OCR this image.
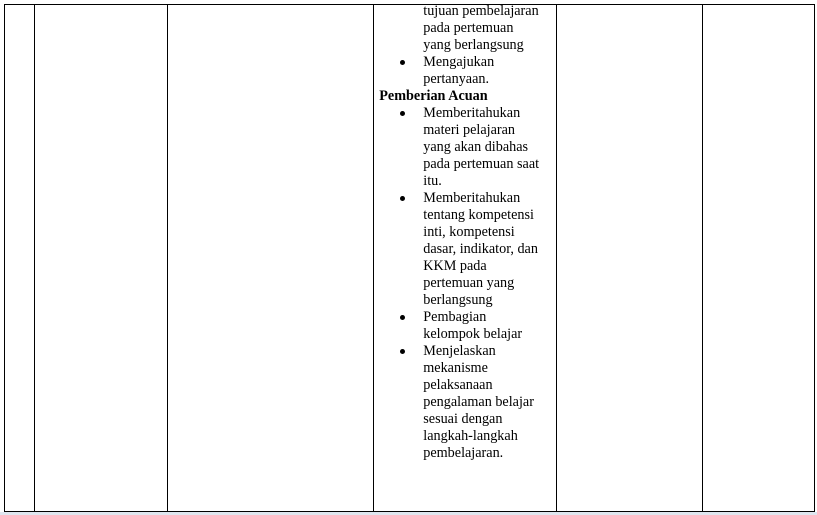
tujuan pembelajaran
pada pertemuan
yang berlangsung
Mengajukan
pertanyaan.

Pemberian Acuan

Memberitahukan
materi pelajaran
yang akan dibahas
pada pertemuan saat
itu.
Memberitahukan
tentang kompetensi
inti, kompetensi
dasar, indikator, dan
KKM pada
pertemuan yang
berlangsung
Pembagian
kelompok belajar
Menjelaskan
mekanisme
pelaksanaan
pengalaman belajar
sesuai dengan
langkah-langkah
pembelajaran.
